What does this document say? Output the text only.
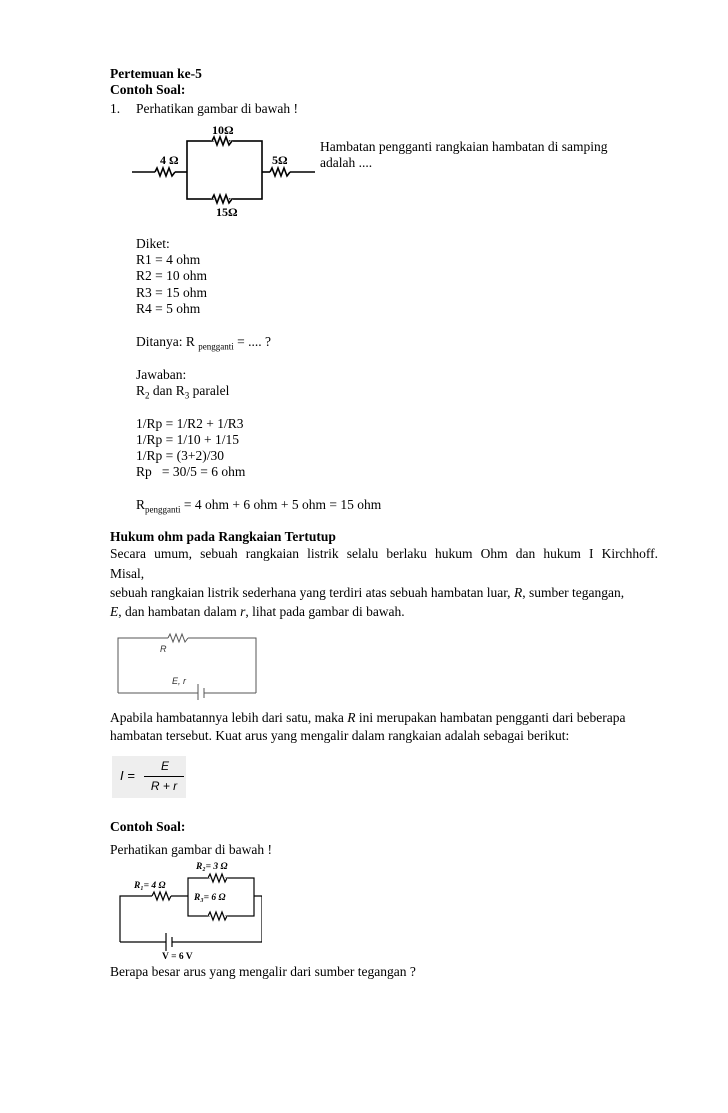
Pertemuan ke-5
Contoh Soal:
1. Perhatikan gambar di bawah !
4 Ω
10Ω
5Ω
15Ω
Hambatan pengganti rangkaian hambatan di samping
adalah ....
Diket:
R1 = 4 ohm
R2 = 10 ohm
R3 = 15 ohm
R4 = 5 ohm
Ditanya: R $_{pengganti}$ = .... ?
Jawaban:
$R_2$ dan $R_3$ paralel
1/Rp = 1/R2 + 1/R3
1/Rp = 1/10 + 1/15
1/Rp = (3+2)/30
Rp   = 30/5 = 6 ohm
$R_{pengganti} = 4$ ohm + 6 ohm + 5 ohm = 15 ohm
Hukum ohm pada Rangkaian Tertutup
Secara umum, sebuah rangkaian listrik selalu berlaku hukum Ohm dan hukum I Kirchhoff.
Misal,
sebuah rangkaian listrik sederhana yang terdiri atas sebuah hambatan luar, R, sumber tegangan,
E, dan hambatan dalam r, lihat pada gambar di bawah.
R
E, r
Apabila hambatannya lebih dari satu, maka R ini merupakan hambatan pengganti dari beberapa
hambatan tersebut. Kuat arus yang mengalir dalam rangkaian adalah sebagai berikut:
I =
E
R + r
Contoh Soal:
Perhatikan gambar di bawah !
R₁= 4 Ω
R₂= 3 Ω
R₃= 6 Ω
V = 6 V
Berapa besar arus yang mengalir dari sumber tegangan ?
